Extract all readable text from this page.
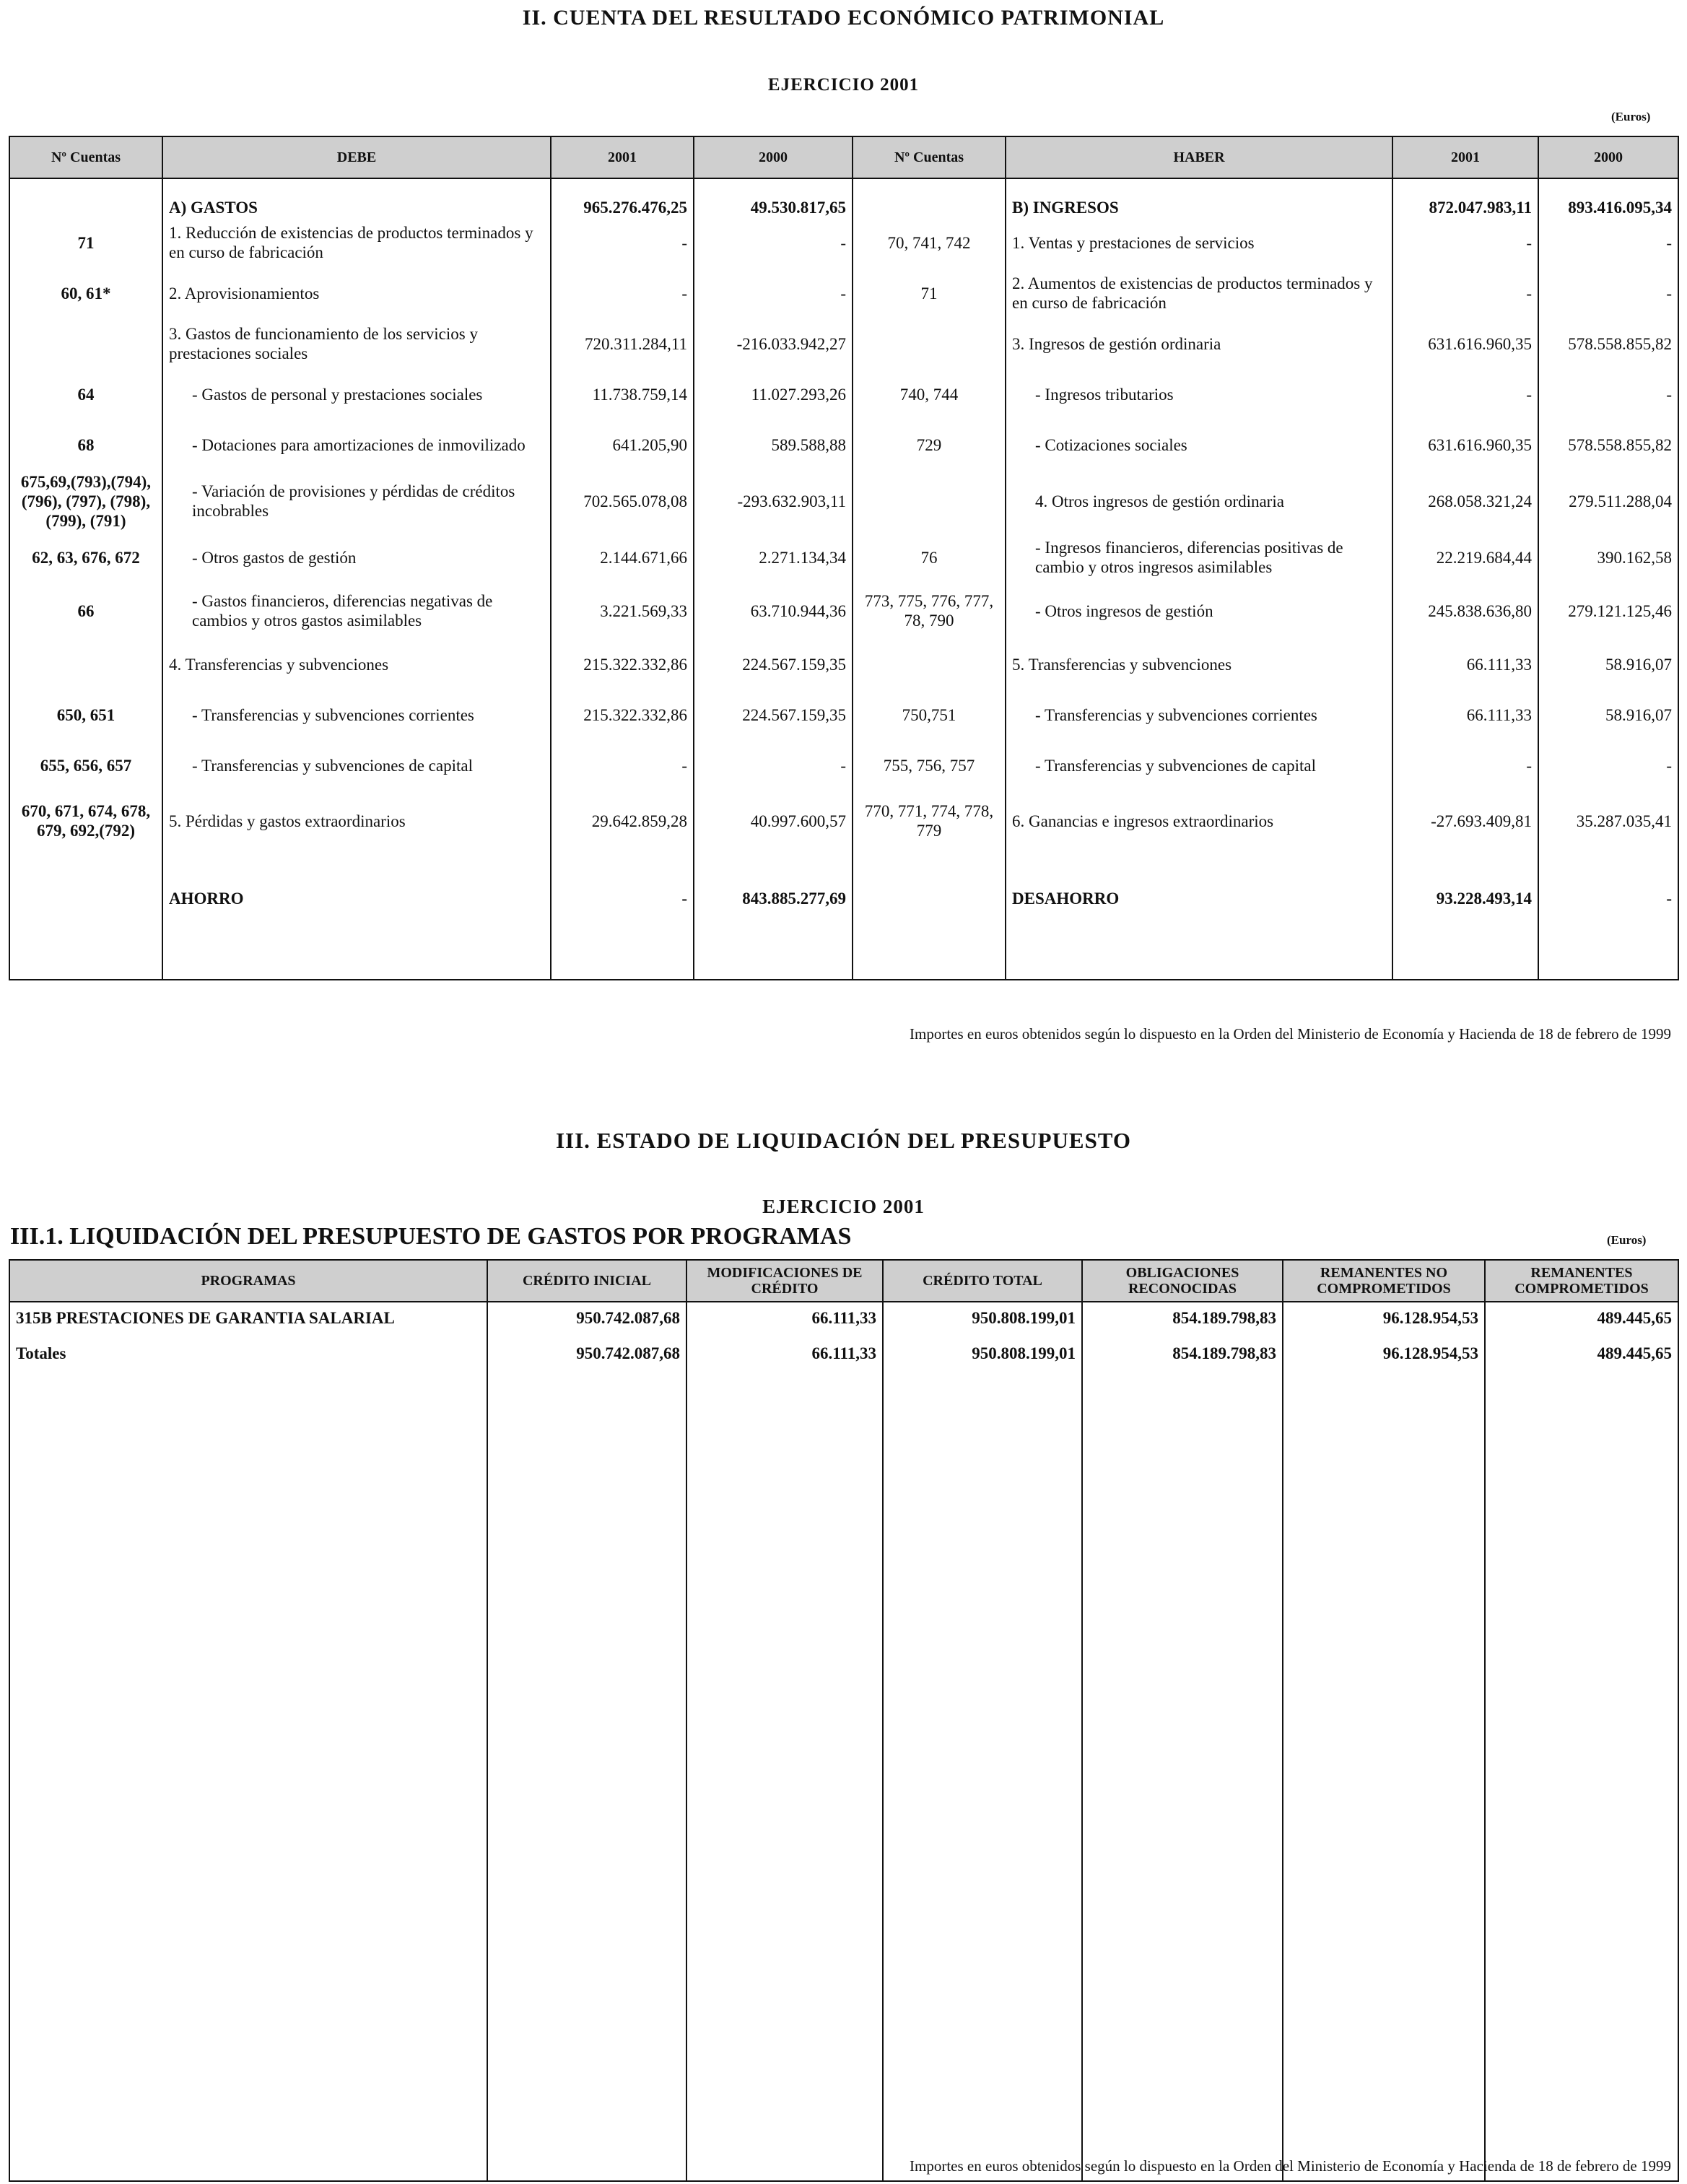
II. CUENTA DEL RESULTADO ECONÓMICO PATRIMONIAL
EJERCICIO 2001
(Euros)
Nº Cuentas	DEBE	2001	2000	Nº Cuentas	HABER	2001	2000
	A) GASTOS	965.276.476,25	49.530.817,65		B) INGRESOS	872.047.983,11	893.416.095,34
71	1. Reducción de existencias de productos terminados y en curso de fabricación	-	-	70, 741, 742	1. Ventas y prestaciones de servicios	-	-
60, 61*	2. Aprovisionamientos	-	-	71	2. Aumentos de existencias de productos terminados y en curso de fabricación	-	-
	3. Gastos de funcionamiento de los servicios y prestaciones sociales	720.311.284,11	-216.033.942,27		3. Ingresos de gestión ordinaria	631.616.960,35	578.558.855,82
64	- Gastos de personal y prestaciones sociales	11.738.759,14	11.027.293,26	740, 744	- Ingresos tributarios	-	-
68	- Dotaciones para amortizaciones de inmovilizado	641.205,90	589.588,88	729	- Cotizaciones sociales	631.616.960,35	578.558.855,82
675,69,(793),(794), (796), (797), (798), (799), (791)	- Variación de provisiones y pérdidas de créditos incobrables	702.565.078,08	-293.632.903,11		4. Otros ingresos de gestión ordinaria	268.058.321,24	279.511.288,04
62, 63, 676, 672	- Otros gastos de gestión	2.144.671,66	2.271.134,34	76	- Ingresos financieros, diferencias positivas de cambio y otros ingresos asimilables	22.219.684,44	390.162,58
66	- Gastos financieros, diferencias negativas de cambios y otros gastos asimilables	3.221.569,33	63.710.944,36	773, 775, 776, 777, 78, 790	- Otros ingresos de gestión	245.838.636,80	279.121.125,46
	4. Transferencias y subvenciones	215.322.332,86	224.567.159,35		5. Transferencias y subvenciones	66.111,33	58.916,07
650, 651	- Transferencias y subvenciones corrientes	215.322.332,86	224.567.159,35	750,751	- Transferencias y subvenciones corrientes	66.111,33	58.916,07
655, 656, 657	- Transferencias y subvenciones de capital	-	-	755, 756, 757	- Transferencias y subvenciones de capital	-	-
670, 671, 674, 678, 679, 692,(792)	5. Pérdidas y gastos extraordinarios	29.642.859,28	40.997.600,57	770, 771, 774, 778, 779	6. Ganancias e ingresos extraordinarios	-27.693.409,81	35.287.035,41
	AHORRO	-	843.885.277,69		DESAHORRO	93.228.493,14	-

Importes en euros obtenidos según lo dispuesto en la Orden del Ministerio de Economía y Hacienda de 18 de febrero de 1999
III. ESTADO DE LIQUIDACIÓN DEL PRESUPUESTO
EJERCICIO 2001
III.1. LIQUIDACIÓN DEL PRESUPUESTO DE GASTOS POR PROGRAMAS	(Euros)
PROGRAMAS	CRÉDITO INICIAL	MODIFICACIONES DE CRÉDITO	CRÉDITO TOTAL	OBLIGACIONES RECONOCIDAS	REMANENTES NO COMPROMETIDOS	REMANENTES COMPROMETIDOS
315B PRESTACIONES DE GARANTIA SALARIAL	950.742.087,68	66.111,33	950.808.199,01	854.189.798,83	96.128.954,53	489.445,65
Totales	950.742.087,68	66.111,33	950.808.199,01	854.189.798,83	96.128.954,53	489.445,65

Importes en euros obtenidos según lo dispuesto en la Orden del Ministerio de Economía y Hacienda de 18 de febrero de 1999
